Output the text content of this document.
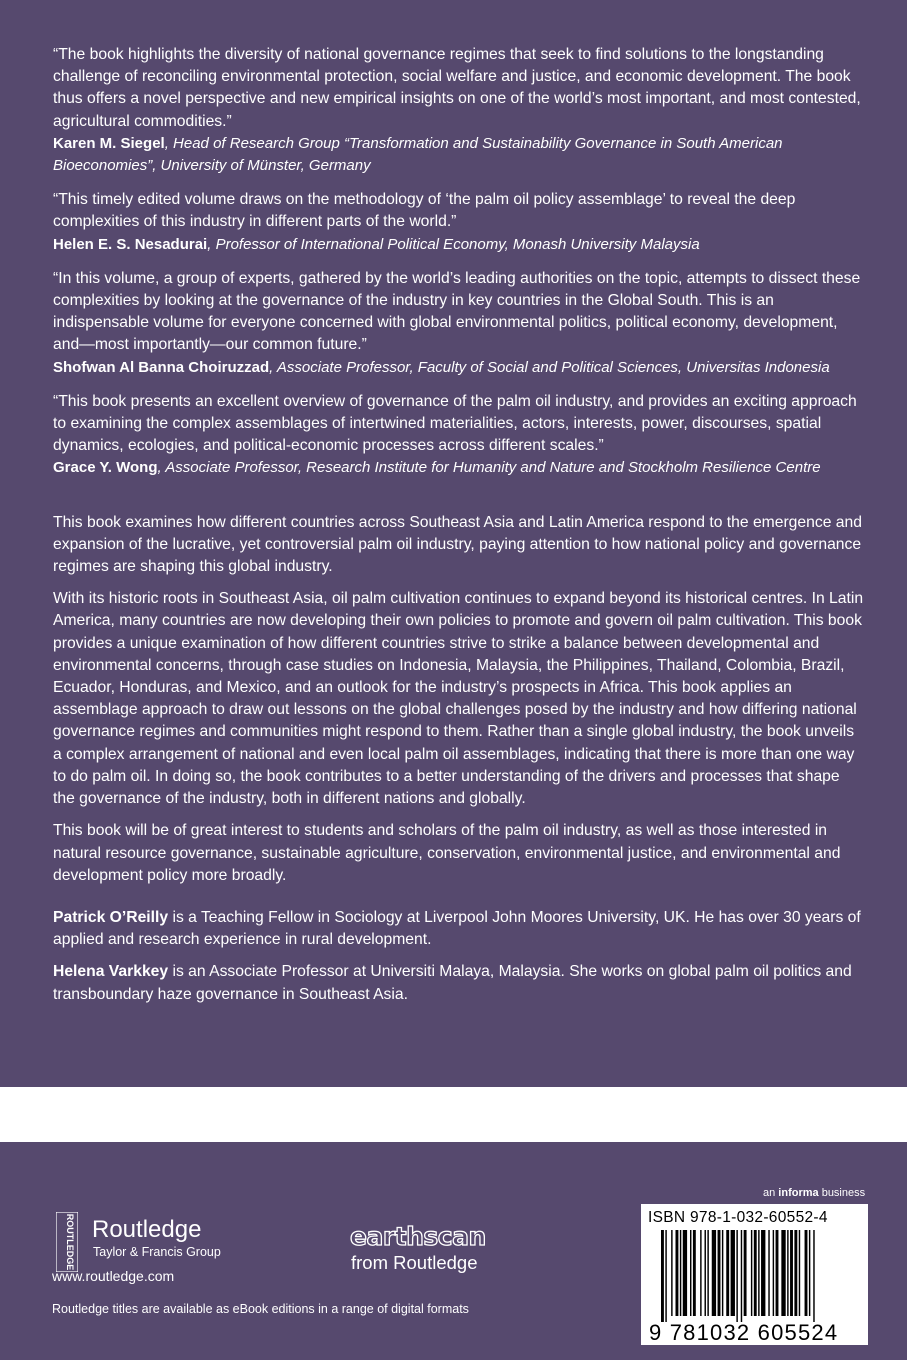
“The book highlights the diversity of national governance regimes that seek to find solutions to the longstanding challenge of reconciling environmental protection, social welfare and justice, and economic development. The book thus offers a novel perspective and new empirical insights on one of the world’s most important, and most contested, agricultural commodities.”

Karen M. Siegel, Head of Research Group “Transformation and Sustainability Governance in South American Bioeconomies”, University of Münster, Germany

“This timely edited volume draws on the methodology of ‘the palm oil policy assemblage’ to reveal the deep complexities of this industry in different parts of the world.”

Helen E. S. Nesadurai, Professor of International Political Economy, Monash University Malaysia

“In this volume, a group of experts, gathered by the world’s leading authorities on the topic, attempts to dissect these complexities by looking at the governance of the industry in key countries in the Global South. This is an indispensable volume for everyone concerned with global environmental politics, political economy, development, and—most importantly—our common future.”

Shofwan Al Banna Choiruzzad, Associate Professor, Faculty of Social and Political Sciences, Universitas Indonesia

“This book presents an excellent overview of governance of the palm oil industry, and provides an exciting approach to examining the complex assemblages of intertwined materialities, actors, interests, power, discourses, spatial dynamics, ecologies, and political-economic processes across different scales.”

Grace Y. Wong, Associate Professor, Research Institute for Humanity and Nature and Stockholm Resilience Centre

This book examines how different countries across Southeast Asia and Latin America respond to the emergence and expansion of the lucrative, yet controversial palm oil industry, paying attention to how national policy and governance regimes are shaping this global industry.

With its historic roots in Southeast Asia, oil palm cultivation continues to expand beyond its historical centres. In Latin America, many countries are now developing their own policies to promote and govern oil palm cultivation. This book provides a unique examination of how different countries strive to strike a balance between developmental and environmental concerns, through case studies on Indonesia, Malaysia, the Philippines, Thailand, Colombia, Brazil, Ecuador, Honduras, and Mexico, and an outlook for the industry’s prospects in Africa. This book applies an assemblage approach to draw out lessons on the global challenges posed by the industry and how differing national governance regimes and communities might respond to them. Rather than a single global industry, the book unveils a complex arrangement of national and even local palm oil assemblages, indicating that there is more than one way to do palm oil. In doing so, the book contributes to a better understanding of the drivers and processes that shape the governance of the industry, both in different nations and globally.

This book will be of great interest to students and scholars of the palm oil industry, as well as those interested in natural resource governance, sustainable agriculture, conservation, environmental justice, and environmental and development policy more broadly.

Patrick O’Reilly is a Teaching Fellow in Sociology at Liverpool John Moores University, UK. He has over 30 years of applied and research experience in rural development.

Helena Varkkey is an Associate Professor at Universiti Malaya, Malaysia. She works on global palm oil politics and transboundary haze governance in Southeast Asia.

ROUTLEDGE Routledge
Taylor & Francis Group
www.routledge.com
Routledge titles are available as eBook editions in a range of digital formats
earthscan
from Routledge
an informa business
ISBN 978-1-032-60552-4
9 781032 605524
